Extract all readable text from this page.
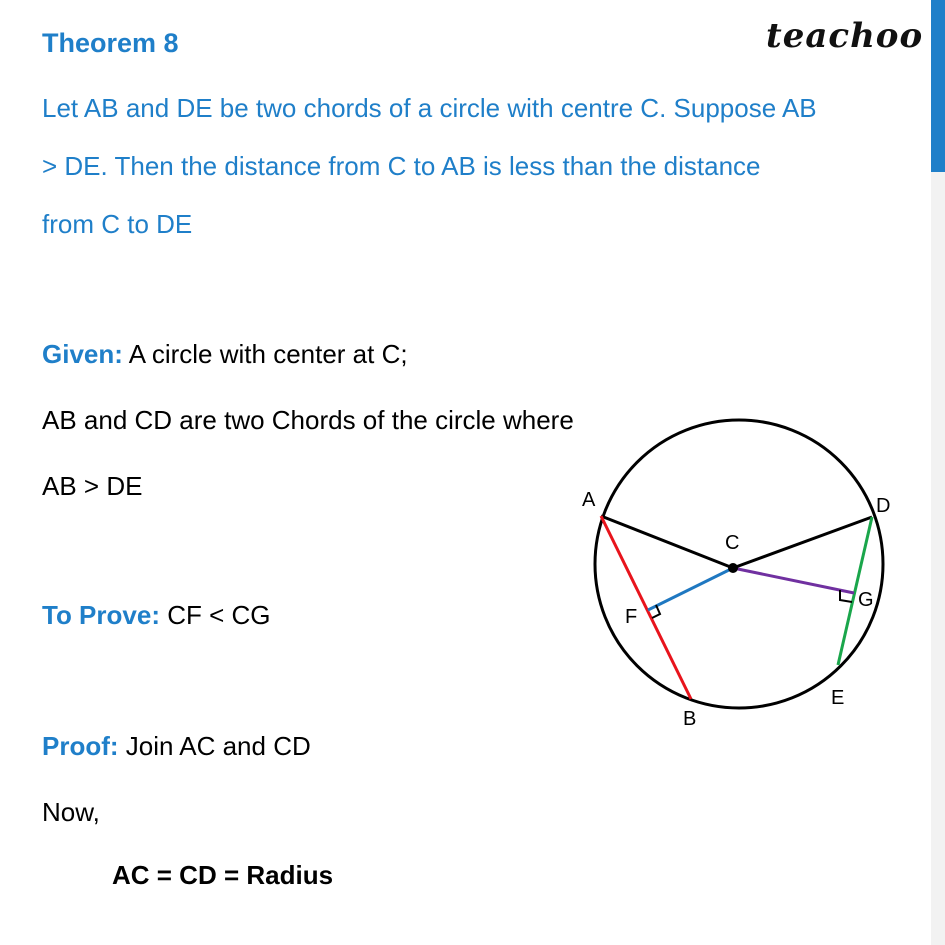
Theorem 8	teachoo
Let AB and DE be two chords of a circle with centre C. Suppose AB
> DE. Then the distance from C to AB is less than the distance
from C to DE
Given: A circle with center at C;
AB and CD are two Chords of the circle where
AB > DE
To Prove: CF < CG
Proof: Join AC and CD
Now,
AC = CD = Radius
A
B
C
D
E
F
G
